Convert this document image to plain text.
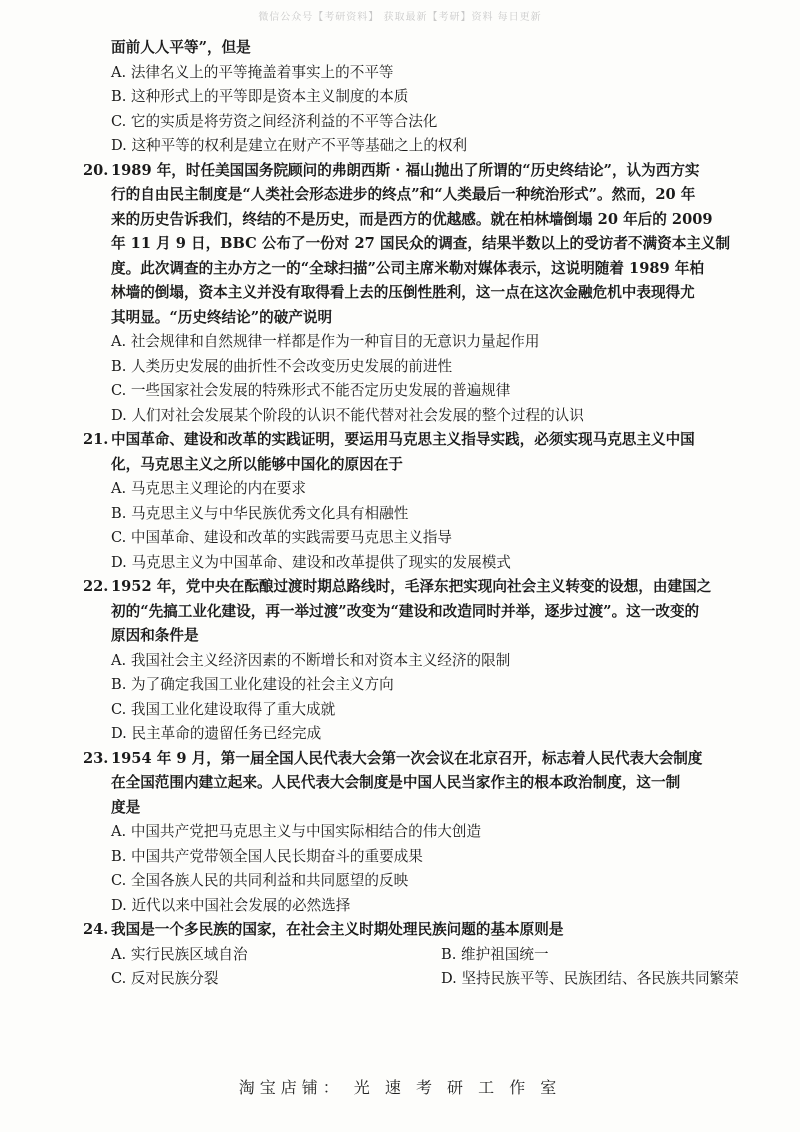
微信公众号【考研资料】 获取最新【考研】资料 每日更新
面前人人平等”，但是
A. 法律名义上的平等掩盖着事实上的不平等
B. 这种形式上的平等即是资本主义制度的本质
C. 它的实质是将劳资之间经济利益的不平等合法化
D. 这种平等的权利是建立在财产不平等基础之上的权利
20. 1989 年，时任美国国务院顾问的弗朗西斯 · 福山抛出了所谓的“历史终结论”，认为西方实
行的自由民主制度是“人类社会形态进步的终点”和“人类最后一种统治形式”。然而，20 年
来的历史告诉我们，终结的不是历史，而是西方的优越感。就在柏林墙倒塌 20 年后的 2009
年 11 月 9 日，BBC 公布了一份对 27 国民众的调查，结果半数以上的受访者不满资本主义制
度。此次调查的主办方之一的“全球扫描”公司主席米勒对媒体表示，这说明随着 1989 年柏
林墙的倒塌，资本主义并没有取得看上去的压倒性胜利，这一点在这次金融危机中表现得尤
其明显。“历史终结论”的破产说明
A. 社会规律和自然规律一样都是作为一种盲目的无意识力量起作用
B. 人类历史发展的曲折性不会改变历史发展的前进性
C. 一些国家社会发展的特殊形式不能否定历史发展的普遍规律
D. 人们对社会发展某个阶段的认识不能代替对社会发展的整个过程的认识
21. 中国革命、建设和改革的实践证明，要运用马克思主义指导实践，必须实现马克思主义中国
化，马克思主义之所以能够中国化的原因在于
A. 马克思主义理论的内在要求
B. 马克思主义与中华民族优秀文化具有相融性
C. 中国革命、建设和改革的实践需要马克思主义指导
D. 马克思主义为中国革命、建设和改革提供了现实的发展模式
22. 1952 年，党中央在酝酿过渡时期总路线时，毛泽东把实现向社会主义转变的设想，由建国之
初的“先搞工业化建设，再一举过渡”改变为“建设和改造同时并举，逐步过渡”。这一改变的
原因和条件是
A. 我国社会主义经济因素的不断增长和对资本主义经济的限制
B. 为了确定我国工业化建设的社会主义方向
C. 我国工业化建设取得了重大成就
D. 民主革命的遗留任务已经完成
23. 1954 年 9 月，第一届全国人民代表大会第一次会议在北京召开，标志着人民代表大会制度
在全国范围内建立起来。人民代表大会制度是中国人民当家作主的根本政治制度，这一制
度是
A. 中国共产党把马克思主义与中国实际相结合的伟大创造
B. 中国共产党带领全国人民长期奋斗的重要成果
C. 全国各族人民的共同利益和共同愿望的反映
D. 近代以来中国社会发展的必然选择
24. 我国是一个多民族的国家，在社会主义时期处理民族问题的基本原则是
A. 实行民族区域自治	B. 维护祖国统一
C. 反对民族分裂	D. 坚持民族平等、民族团结、各民族共同繁荣
淘宝店铺： 光 速 考 研 工 作 室
